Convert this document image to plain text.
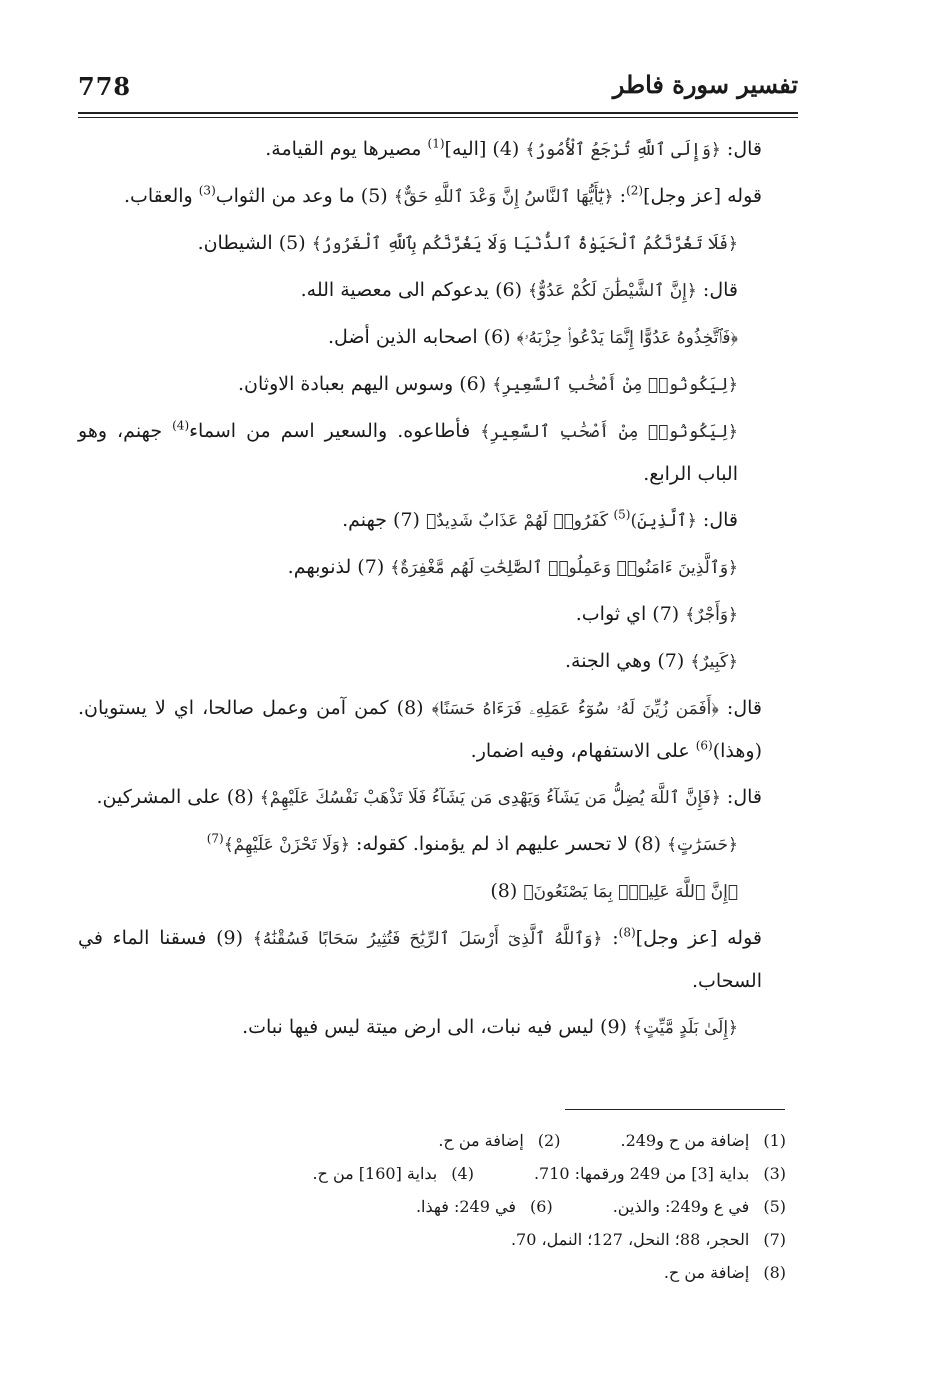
778	تفسير سورة فاطر

قال: ﴿وَإِلَى ٱللَّهِ تُرْجَعُ ٱلْأُمُورُ﴾ (4) [اليه]$^{(1)}$ مصيرها يوم القيامة.

قوله [عز وجل]$^{(2)}$: ﴿يَٰٓأَيُّهَا ٱلنَّاسُ إِنَّ وَعْدَ ٱللَّهِ حَقٌّ﴾ (5) ما وعد من الثواب$^{(3)}$ والعقاب.

﴿فَلَا تَغُرَّنَّكُمُ ٱلْحَيَوٰةُ ٱلدُّنْيَا وَلَا يَغُرَّنَّكُم بِٱللَّهِ ٱلْغَرُورُ﴾ (5) الشيطان.

قال: ﴿إِنَّ ٱلشَّيْطَٰنَ لَكُمْ عَدُوٌّ﴾ (6) يدعوكم الى معصية الله.

﴿فَٱتَّخِذُوهُ عَدُوًّا إِنَّمَا يَدْعُوا۟ حِزْبَهُۥ﴾ (6) اصحابه الذين أضل.

﴿لِيَكُونُوا۟ مِنْ أَصْحَٰبِ ٱلسَّعِيرِ﴾ (6) وسوس اليهم بعبادة الاوثان.

﴿لِيَكُونُوا۟ مِنْ أَصْحَٰبِ ٱلسَّعِيرِ﴾ فأطاعوه. والسعير اسم من اسماء$^{(4)}$ جهنم، وهو الباب الرابع.

قال: ﴿ٱلَّذِينَ)$^{(5)}$ كَفَرُوا۟ لَهُمْ عَذَابٌ شَدِيدٌ﴾ (7) جهنم.

﴿وَٱلَّذِينَ ءَامَنُوا۟ وَعَمِلُوا۟ ٱلصَّٰلِحَٰتِ لَهُم مَّغْفِرَةٌ﴾ (7) لذنوبهم.

﴿وَأَجْرٌ﴾ (7) اي ثواب.

﴿كَبِيرٌ﴾ (7) وهي الجنة.

قال: ﴿أَفَمَن زُيِّنَ لَهُۥ سُوٓءُ عَمَلِهِۦ فَرَءَاهُ حَسَنًا﴾ (8) كمن آمن وعمل صالحا، اي لا يستويان. (وهذا)$^{(6)}$ على الاستفهام، وفيه اضمار.

قال: ﴿فَإِنَّ ٱللَّهَ يُضِلُّ مَن يَشَآءُ وَيَهْدِى مَن يَشَآءُ فَلَا تَذْهَبْ نَفْسُكَ عَلَيْهِمْ﴾ (8) على المشركين.

﴿حَسَرَٰتٍ﴾ (8) لا تحسر عليهم اذ لم يؤمنوا. كقوله: ﴿وَلَا تَحْزَنْ عَلَيْهِمْ﴾$^{(7)}$

﴿إِنَّ ٱللَّهَ عَلِيمٌۢ بِمَا يَصْنَعُونَ﴾ (8)

قوله [عز وجل]$^{(8)}$: ﴿وَٱللَّهُ ٱلَّذِىٓ أَرْسَلَ ٱلرِّيَٰحَ فَتُثِيرُ سَحَابًا فَسُقْنَٰهُ﴾ (9) فسقنا الماء في السحاب.

﴿إِلَىٰ بَلَدٍ مَّيِّتٍ﴾ (9) ليس فيه نبات، الى ارض ميتة ليس فيها نبات.

(1)إضافة من ح و249.
(2)إضافة من ح.
(3)بداية [3] من 249 ورقمها: 710.
(4)بداية [160] من ح.
(5)في ع و249: والذين.
(6)في 249: فهذا.
(7)الحجر، 88؛ النحل، 127؛ النمل، 70.
(8)إضافة من ح.
